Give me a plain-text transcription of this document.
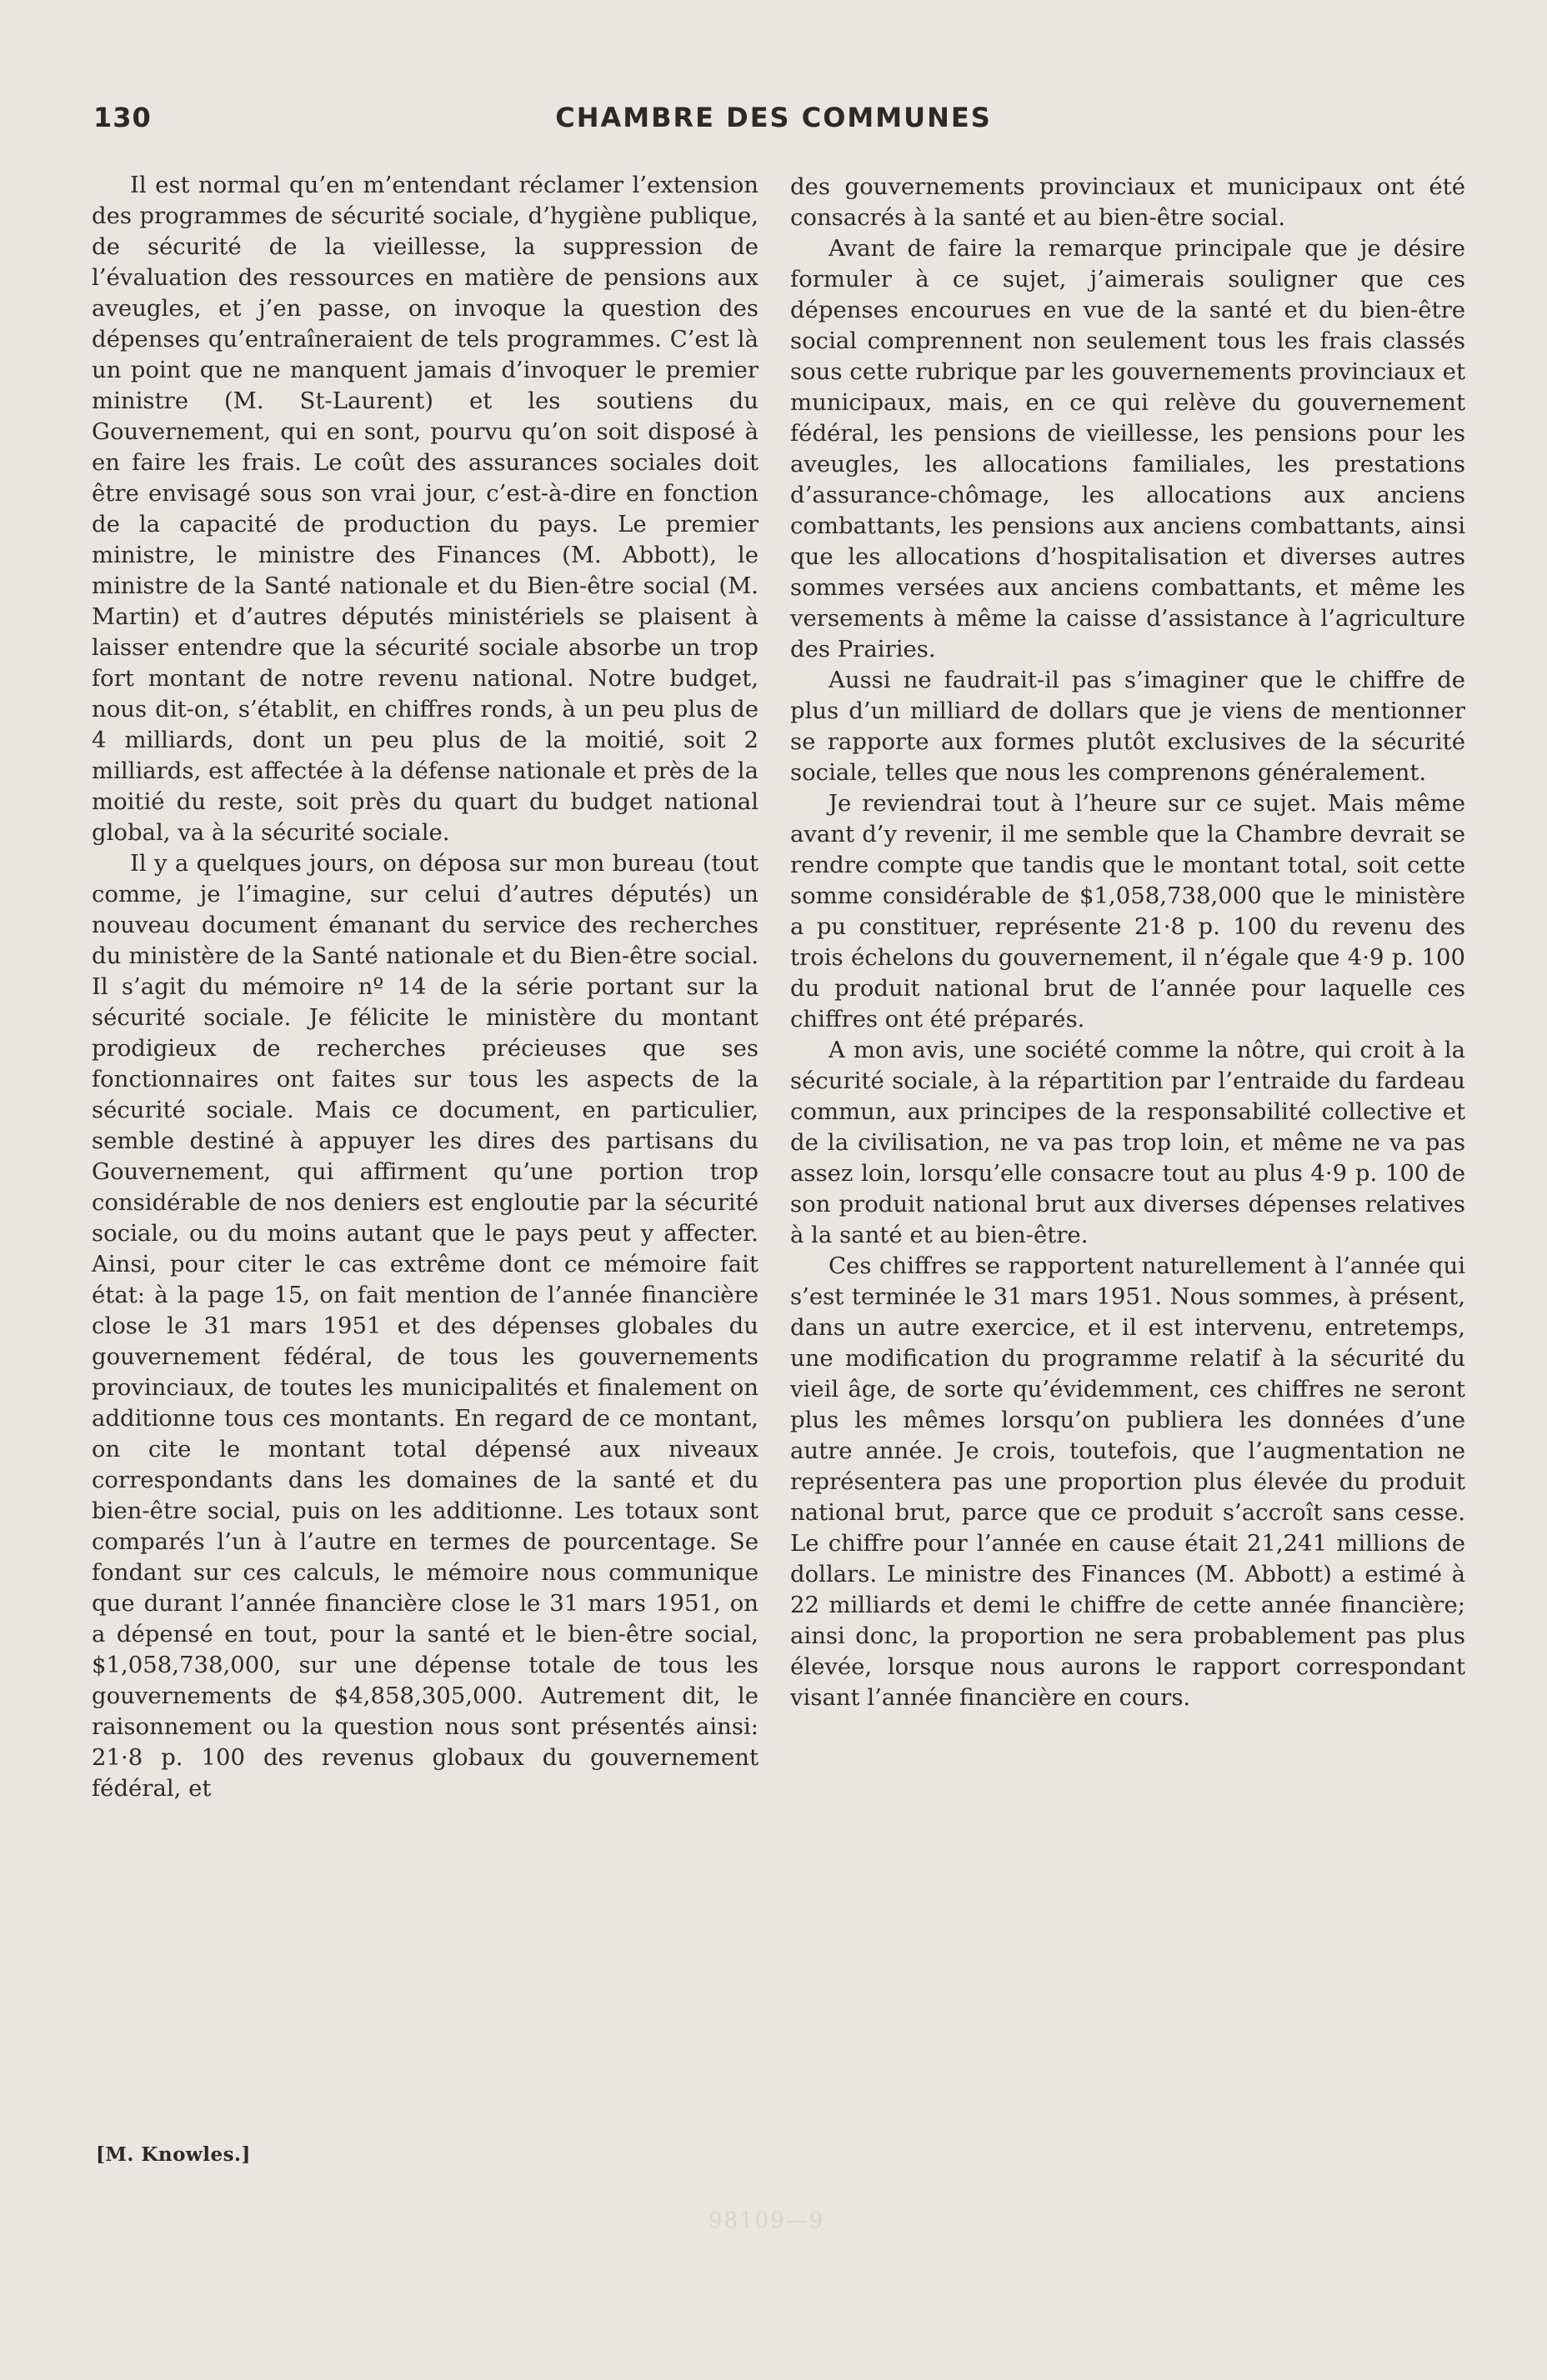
130	CHAMBRE DES COMMUNES

Il est normal qu’en m’entendant réclamer l’extension des programmes de sécurité sociale, d’hygiène publique, de sécurité de la vieillesse, la suppression de l’évaluation des ressources en matière de pensions aux aveugles, et j’en passe, on invoque la question des dépenses qu’entraîneraient de tels programmes. C’est là un point que ne manquent jamais d’invoquer le premier ministre (M. St-Laurent) et les soutiens du Gouvernement, qui en sont, pourvu qu’on soit disposé à en faire les frais. Le coût des assurances sociales doit être envisagé sous son vrai jour, c’est-à-dire en fonction de la capacité de production du pays. Le premier ministre, le ministre des Finances (M. Abbott), le ministre de la Santé nationale et du Bien-être social (M. Martin) et d’autres députés ministériels se plaisent à laisser entendre que la sécurité sociale absorbe un trop fort montant de notre revenu national. Notre budget, nous dit-on, s’établit, en chiffres ronds, à un peu plus de 4 milliards, dont un peu plus de la moitié, soit 2 milliards, est affectée à la défense nationale et près de la moitié du reste, soit près du quart du budget national global, va à la sécurité sociale.

Il y a quelques jours, on déposa sur mon bureau (tout comme, je l’imagine, sur celui d’autres députés) un nouveau document émanant du service des recherches du ministère de la Santé nationale et du Bien-être social. Il s’agit du mémoire nº 14 de la série portant sur la sécurité sociale. Je félicite le ministère du montant prodigieux de recherches précieuses que ses fonctionnaires ont faites sur tous les aspects de la sécurité sociale. Mais ce document, en particulier, semble destiné à appuyer les dires des partisans du Gouvernement, qui affirment qu’une portion trop considérable de nos deniers est engloutie par la sécurité sociale, ou du moins autant que le pays peut y affecter. Ainsi, pour citer le cas extrême dont ce mémoire fait état: à la page 15, on fait mention de l’année financière close le 31 mars 1951 et des dépenses globales du gouvernement fédéral, de tous les gouvernements provinciaux, de toutes les municipalités et finalement on additionne tous ces montants. En regard de ce montant, on cite le montant total dépensé aux niveaux correspondants dans les domaines de la santé et du bien-être social, puis on les additionne. Les totaux sont comparés l’un à l’autre en termes de pourcentage. Se fondant sur ces calculs, le mémoire nous communique que durant l’année financière close le 31 mars 1951, on a dépensé en tout, pour la santé et le bien-être social, $1,058,738,000, sur une dépense totale de tous les gouvernements de $4,858,305,000. Autrement dit, le raisonnement ou la question nous sont présentés ainsi: 21·8 p. 100 des revenus globaux du gouvernement fédéral, et

des gouvernements provinciaux et municipaux ont été consacrés à la santé et au bien-être social.

Avant de faire la remarque principale que je désire formuler à ce sujet, j’aimerais souligner que ces dépenses encourues en vue de la santé et du bien-être social comprennent non seulement tous les frais classés sous cette rubrique par les gouvernements provinciaux et municipaux, mais, en ce qui relève du gouvernement fédéral, les pensions de vieillesse, les pensions pour les aveugles, les allocations familiales, les prestations d’assurance-chômage, les allocations aux anciens combattants, les pensions aux anciens combattants, ainsi que les allocations d’hospitalisation et diverses autres sommes versées aux anciens combattants, et même les versements à même la caisse d’assistance à l’agriculture des Prairies.

Aussi ne faudrait-il pas s’imaginer que le chiffre de plus d’un milliard de dollars que je viens de mentionner se rapporte aux formes plutôt exclusives de la sécurité sociale, telles que nous les comprenons généralement.

Je reviendrai tout à l’heure sur ce sujet. Mais même avant d’y revenir, il me semble que la Chambre devrait se rendre compte que tandis que le montant total, soit cette somme considérable de $1,058,738,000 que le ministère a pu constituer, représente 21·8 p. 100 du revenu des trois échelons du gouvernement, il n’égale que 4·9 p. 100 du produit national brut de l’année pour laquelle ces chiffres ont été préparés.

A mon avis, une société comme la nôtre, qui croit à la sécurité sociale, à la répartition par l’entraide du fardeau commun, aux principes de la responsabilité collective et de la civilisation, ne va pas trop loin, et même ne va pas assez loin, lorsqu’elle consacre tout au plus 4·9 p. 100 de son produit national brut aux diverses dépenses relatives à la santé et au bien-être.

Ces chiffres se rapportent naturellement à l’année qui s’est terminée le 31 mars 1951. Nous sommes, à présent, dans un autre exercice, et il est intervenu, entretemps, une modification du programme relatif à la sécurité du vieil âge, de sorte qu’évidemment, ces chiffres ne seront plus les mêmes lorsqu’on publiera les données d’une autre année. Je crois, toutefois, que l’augmentation ne représentera pas une proportion plus élevée du produit national brut, parce que ce produit s’accroît sans cesse. Le chiffre pour l’année en cause était 21,241 millions de dollars. Le ministre des Finances (M. Abbott) a estimé à 22 milliards et demi le chiffre de cette année financière; ainsi donc, la proportion ne sera probablement pas plus élevée, lorsque nous aurons le rapport correspondant visant l’année financière en cours.

[M. Knowles.]
98109—9
